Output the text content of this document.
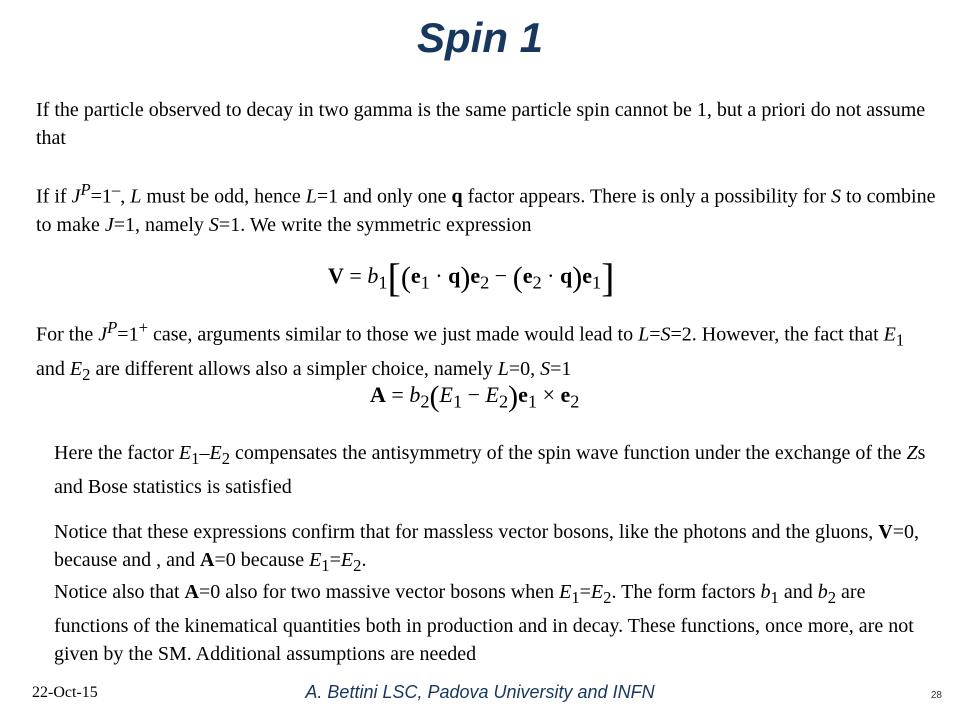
Spin 1

If the particle observed to decay in two gamma is the same particle spin cannot be 1, but a priori do not assume that

If if $J^P=1^-$, L must be odd, hence L=1 and only one q factor appears. There is only a possibility for S to combine to make J=1, namely S=1. We write the symmetric expression

$V = b_1[(e_1 \cdot q)e_2 - (e_2 \cdot q)e_1]$

For the $J^P=1^+$ case, arguments similar to those we just made would lead to L=S=2. However, the fact that $E_1$ and $E_2$ are different allows also a simpler choice, namely L=0, S=1

$A = b_2(E_1 - E_2)e_1 \times e_2$

Here the factor $E_1-E_2$ compensates the antisymmetry of the spin wave function under the exchange of the Zs and Bose statistics is satisfied

Notice that these expressions confirm that for massless vector bosons, like the photons and the gluons, V=0, because and , and A=0 because $E_1=E_2$.

Notice also that A=0 also for two massive vector bosons when $E_1=E_2$. The form factors $b_1$ and $b_2$ are functions of the kinematical quantities both in production and in decay. These functions, once more, are not given by the SM. Additional assumptions are needed

22-Oct-15	A. Bettini LSC, Padova University and INFN	28
